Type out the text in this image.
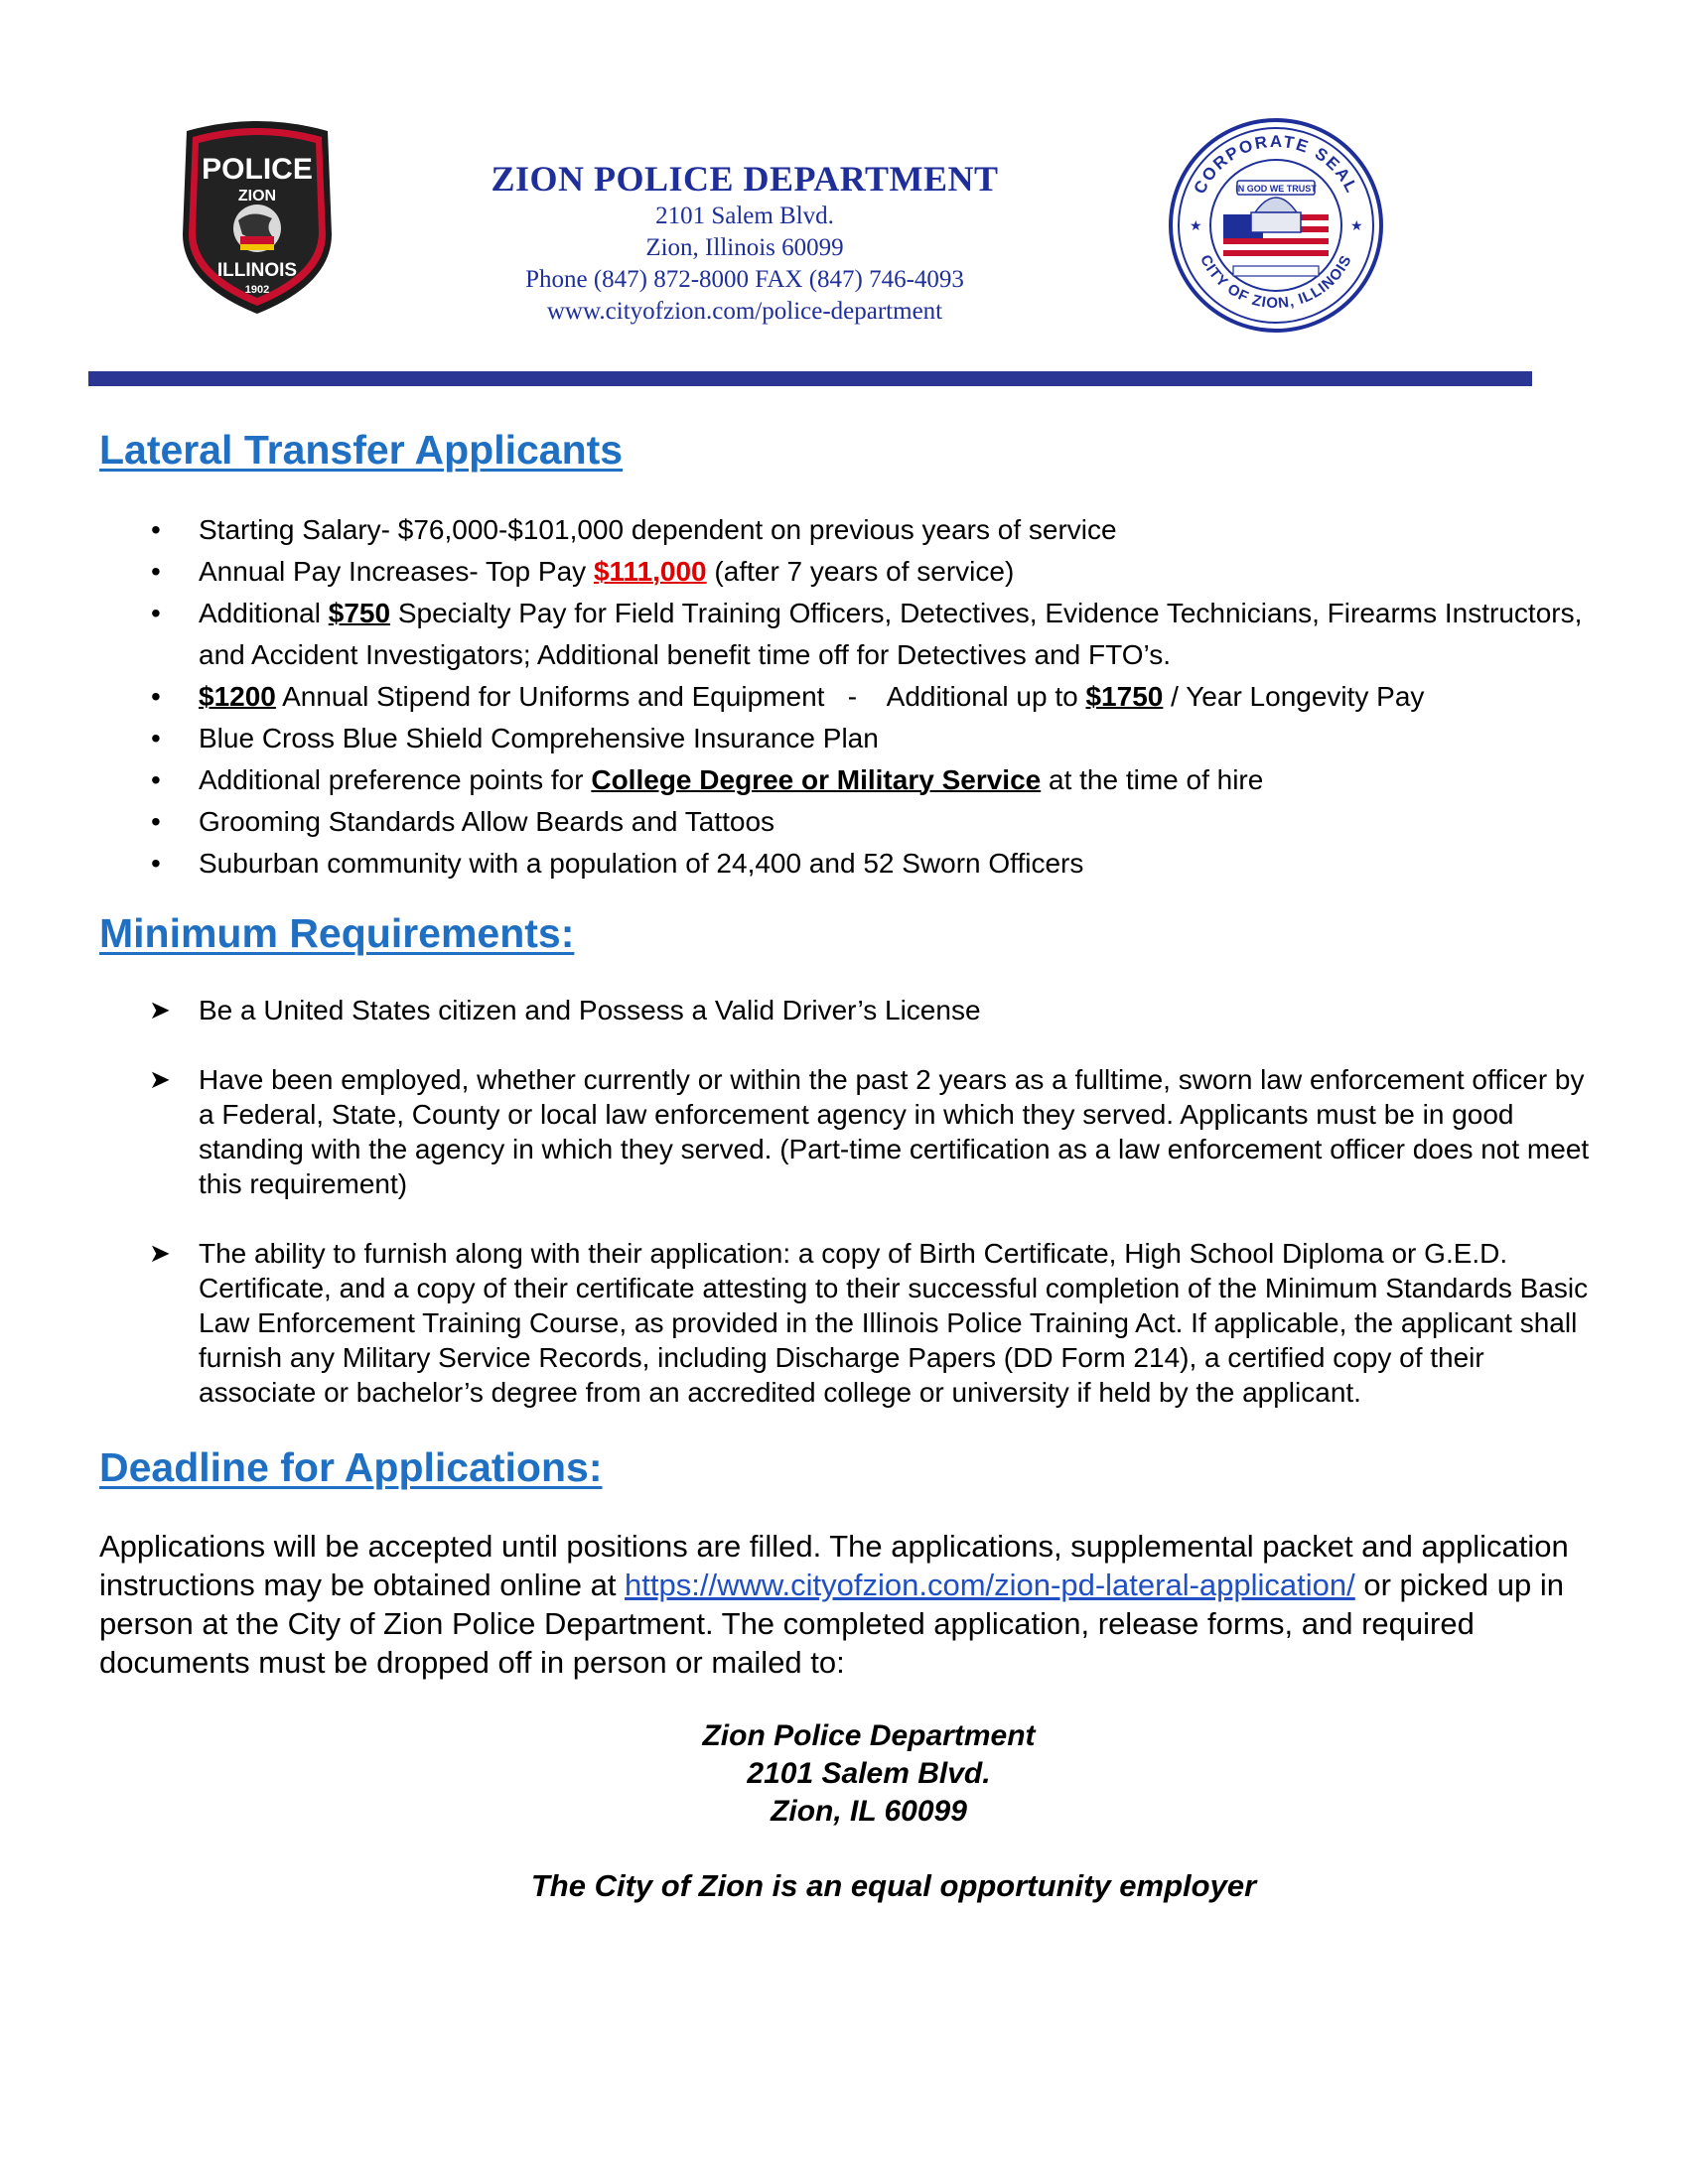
POLICE
ZION
ILLINOIS
1902
ZION POLICE DEPARTMENT
2101 Salem Blvd.
Zion, Illinois 60099
Phone (847) 872-8000 FAX (847) 746-4093
www.cityofzion.com/police-department
CORPORATE SEAL
CITY OF ZION, ILLINOIS
★	★
IN GOD WE TRUST
Lateral Transfer Applicants
• Starting Salary- $76,000-$101,000 dependent on previous years of service
• Annual Pay Increases- Top Pay $111,000 (after 7 years of service)
• Additional $750 Specialty Pay for Field Training Officers, Detectives, Evidence Technicians, Firearms Instructors, and Accident Investigators; Additional benefit time off for Detectives and FTO’s.
• $1200 Annual Stipend for Uniforms and Equipment   -    Additional up to $1750 / Year Longevity Pay
• Blue Cross Blue Shield Comprehensive Insurance Plan
• Additional preference points for College Degree or Military Service at the time of hire
• Grooming Standards Allow Beards and Tattoos
• Suburban community with a population of 24,400 and 52 Sworn Officers
Minimum Requirements:
➤ Be a United States citizen and Possess a Valid Driver’s License
➤ Have been employed, whether currently or within the past 2 years as a fulltime, sworn law enforcement officer by a Federal, State, County or local law enforcement agency in which they served. Applicants must be in good standing with the agency in which they served. (Part-time certification as a law enforcement officer does not meet this requirement)
➤ The ability to furnish along with their application: a copy of Birth Certificate, High School Diploma or G.E.D. Certificate, and a copy of their certificate attesting to their successful completion of the Minimum Standards Basic Law Enforcement Training Course, as provided in the Illinois Police Training Act. If applicable, the applicant shall furnish any Military Service Records, including Discharge Papers (DD Form 214), a certified copy of their associate or bachelor’s degree from an accredited college or university if held by the applicant.
Deadline for Applications:

Applications will be accepted until positions are filled. The applications, supplemental packet and application instructions may be obtained online at https://www.cityofzion.com/zion-pd-lateral-application/ or picked up in person at the City of Zion Police Department. The completed application, release forms, and required documents must be dropped off in person or mailed to:

Zion Police Department
2101 Salem Blvd.
Zion, IL 60099
The City of Zion is an equal opportunity employer
